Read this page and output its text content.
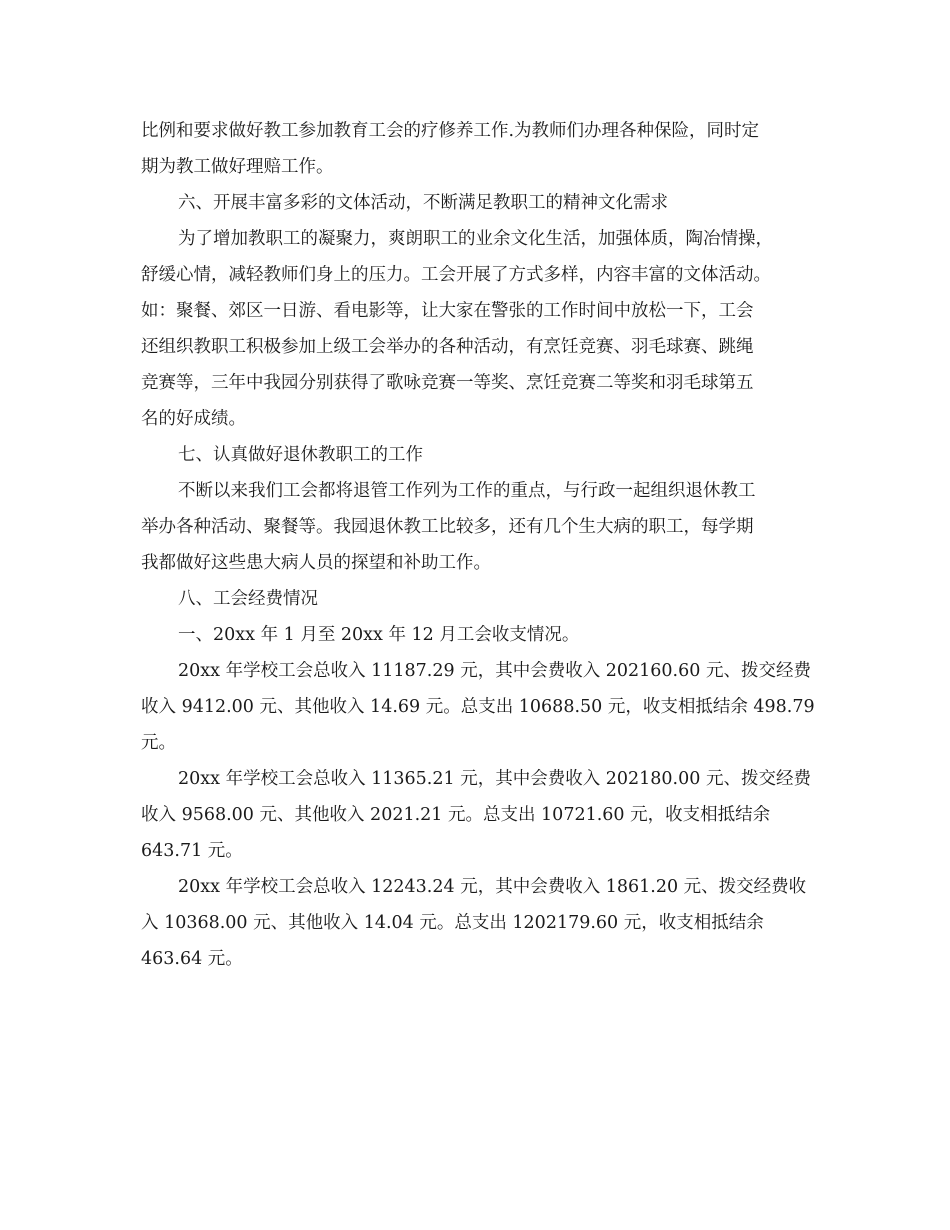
比例和要求做好教工参加教育工会的疗修养工作.为教师们办理各种保险，同时定
期为教工做好理赔工作。
六、开展丰富多彩的文体活动，不断满足教职工的精神文化需求
为了增加教职工的凝聚力，爽朗职工的业余文化生活，加强体质，陶冶情操，
舒缓心情，减轻教师们身上的压力。工会开展了方式多样，内容丰富的文体活动。
如：聚餐、郊区一日游、看电影等，让大家在警张的工作时间中放松一下，工会
还组织教职工积极参加上级工会举办的各种活动，有烹饪竞赛、羽毛球赛、跳绳
竞赛等，三年中我园分别获得了歌咏竞赛一等奖、烹饪竞赛二等奖和羽毛球第五
名的好成绩。
七、认真做好退休教职工的工作
不断以来我们工会都将退管工作列为工作的重点，与行政一起组织退休教工
举办各种活动、聚餐等。我园退休教工比较多，还有几个生大病的职工，每学期
我都做好这些患大病人员的探望和补助工作。
八、工会经费情况
一、20xx 年 1 月至 20xx 年 12 月工会收支情况。
20xx 年学校工会总收入 11187.29 元，其中会费收入 202160.60 元、拨交经费
收入 9412.00 元、其他收入 14.69 元。总支出 10688.50 元，收支相抵结余 498.79
元。
20xx 年学校工会总收入 11365.21 元，其中会费收入 202180.00 元、拨交经费
收入 9568.00 元、其他收入 2021.21 元。总支出 10721.60 元，收支相抵结余
643.71 元。
20xx 年学校工会总收入 12243.24 元，其中会费收入 1861.20 元、拨交经费收
入 10368.00 元、其他收入 14.04 元。总支出 1202179.60 元，收支相抵结余
463.64 元。
